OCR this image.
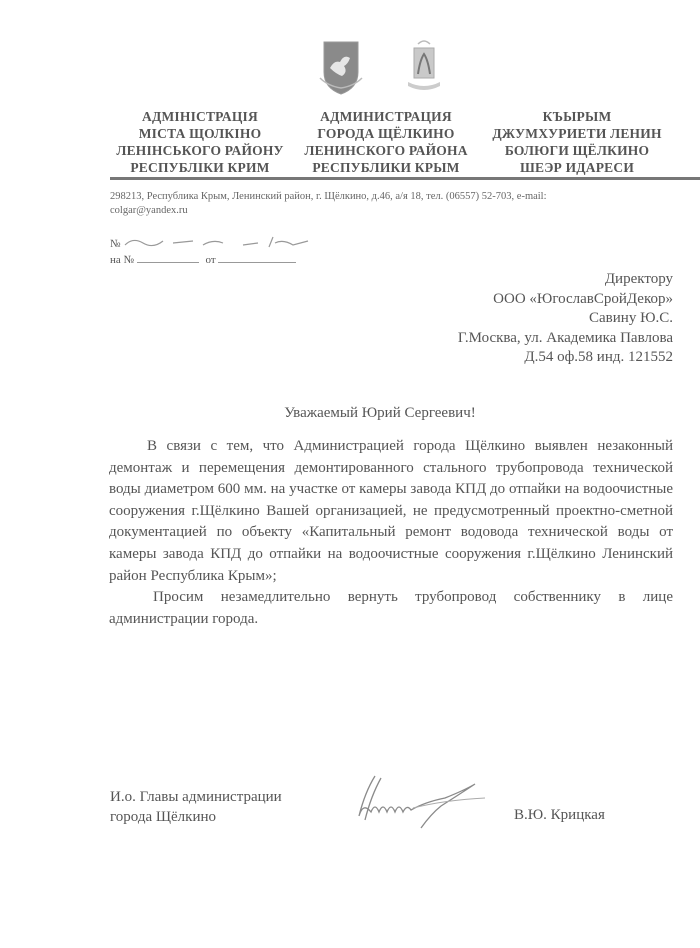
АДМІНІСТРАЦІЯ
МІСТА ЩОЛКІНО
ЛЕНІНСЬКОГО РАЙОНУ
РЕСПУБЛІКИ КРИМ
АДМИНИСТРАЦИЯ
ГОРОДА ЩЁЛКИНО
ЛЕНИНСКОГО РАЙОНА
РЕСПУБЛИКИ КРЫМ
КЪЫРЫМ
ДЖУМХУРИЕТИ ЛЕНИН
БОЛЮГИ ЩЁЛКИНО
ШЕЭР ИДАРЕСИ
298213, Республика Крым, Ленинский район, г. Щёлкино, д.46, а/я 18, тел. (06557) 52-703, e-mail:
colgar@yandex.ru
№
на №	от
Директору
ООО «ЮгославСройДекор»
Савину Ю.С.
Г.Москва, ул. Академика Павлова
Д.54 оф.58 инд. 121552
Уважаемый Юрий Сергеевич!

В связи с тем, что Администрацией города Щёлкино выявлен незаконный демонтаж и перемещения демонтированного стального трубопровода технической воды диаметром 600 мм. на участке от камеры завода КПД до отпайки на водоочистные сооружения г.Щёлкино Вашей организацией, не предусмотренный проектно-сметной документацией по объекту «Капитальный ремонт водовода технической воды от камеры завода КПД до отпайки на водоочистные сооружения г.Щёлкино Ленинский район Республика Крым»;

Просим незамедлительно вернуть трубопровод собственнику в лице администрации города.

И.о. Главы администрации
города Щёлкино	В.Ю. Крицкая
